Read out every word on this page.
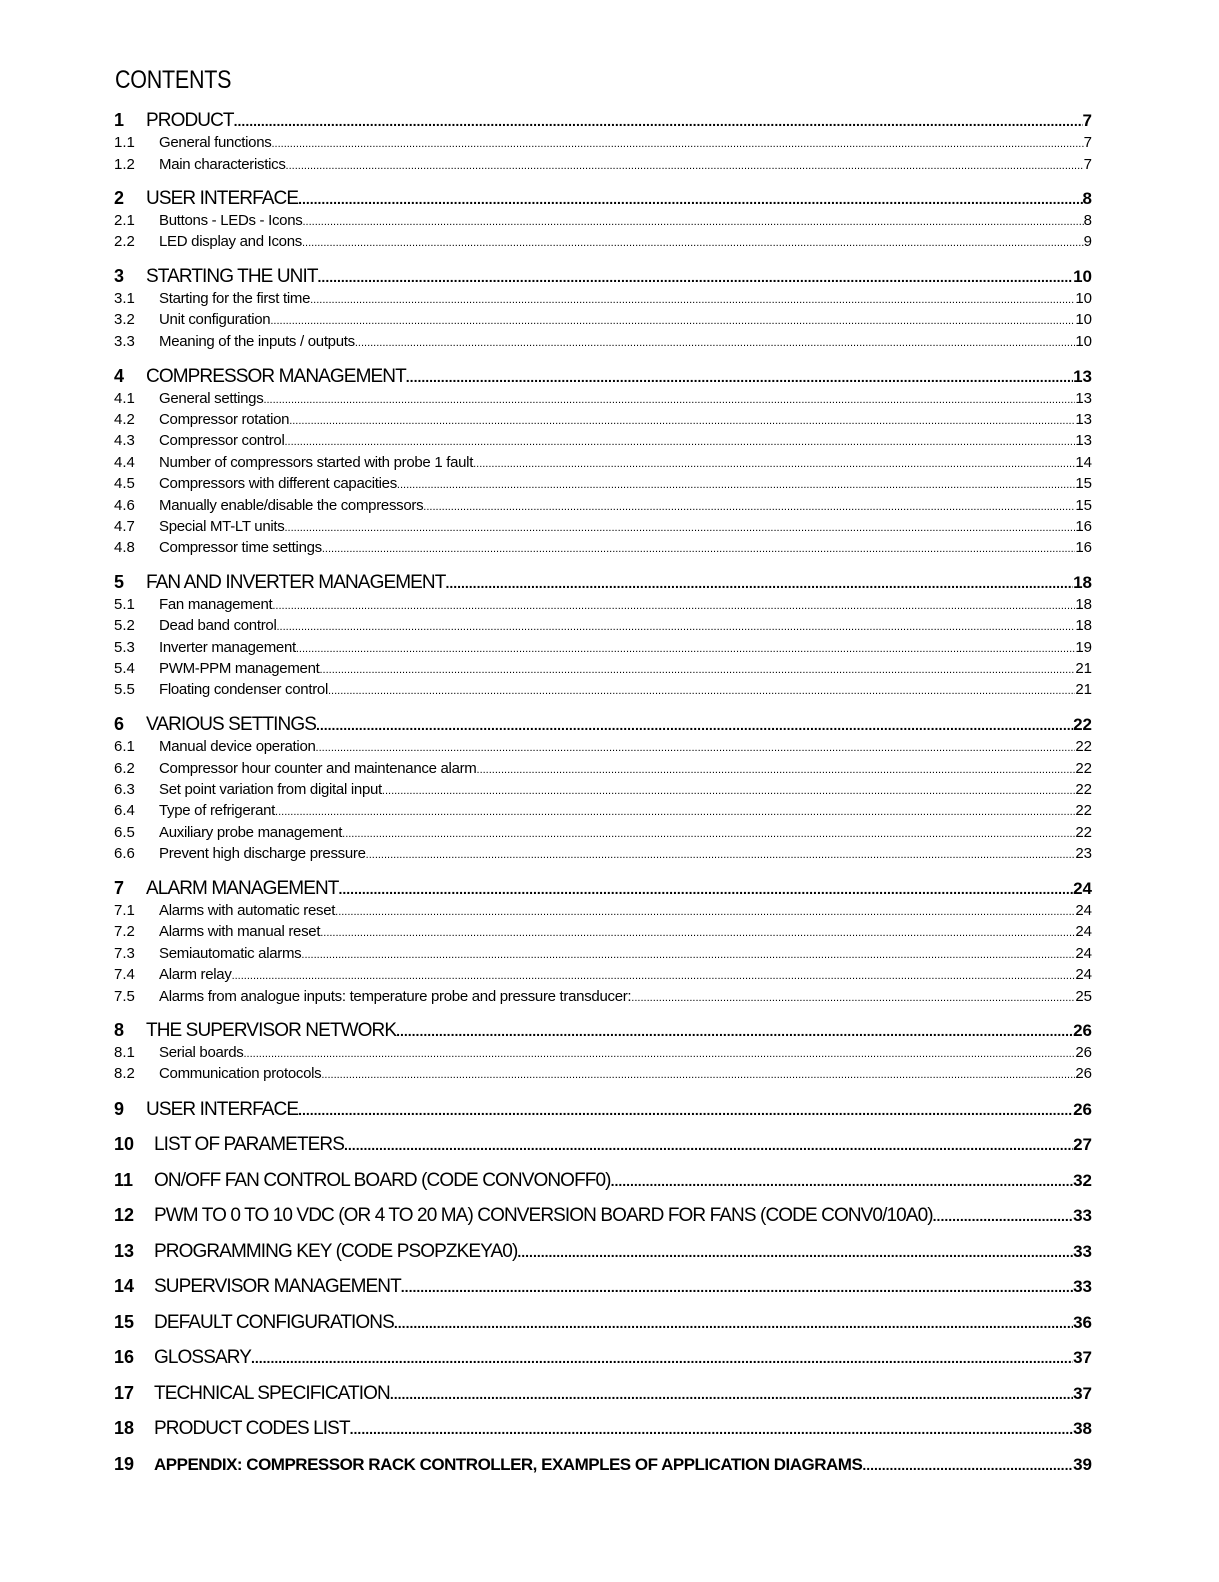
CONTENTS
1	PRODUCT .....	7
1.1	General functions .....	7
1.2	Main characteristics .....	7
2	USER INTERFACE .....	8
2.1	Buttons - LEDs - Icons .....	8
2.2	LED display and Icons .....	9
3	STARTING THE UNIT .....	10
3.1	Starting for the first time .....	10
3.2	Unit configuration .....	10
3.3	Meaning of the inputs / outputs .....	10
4	COMPRESSOR MANAGEMENT .....	13
4.1	General settings .....	13
4.2	Compressor rotation .....	13
4.3	Compressor control .....	13
4.4	Number of compressors started with probe 1 fault .....	14
4.5	Compressors with different capacities .....	15
4.6	Manually enable/disable the compressors .....	15
4.7	Special MT-LT units .....	16
4.8	Compressor time settings .....	16
5	FAN AND INVERTER MANAGEMENT .....	18
5.1	Fan management .....	18
5.2	Dead band control .....	18
5.3	Inverter management .....	19
5.4	PWM-PPM management .....	21
5.5	Floating condenser control .....	21
6	VARIOUS SETTINGS .....	22
6.1	Manual device operation .....	22
6.2	Compressor hour counter and maintenance alarm .....	22
6.3	Set point variation from digital input .....	22
6.4	Type of refrigerant .....	22
6.5	Auxiliary probe management .....	22
6.6	Prevent high discharge pressure .....	23
7	ALARM MANAGEMENT .....	24
7.1	Alarms with automatic reset .....	24
7.2	Alarms with manual reset .....	24
7.3	Semiautomatic alarms .....	24
7.4	Alarm relay .....	24
7.5	Alarms from analogue inputs: temperature probe and pressure transducer: .....	25
8	THE SUPERVISOR NETWORK .....	26
8.1	Serial boards .....	26
8.2	Communication protocols .....	26
9	USER INTERFACE .....	26
10	LIST OF PARAMETERS .....	27
11	ON/OFF FAN CONTROL BOARD (CODE CONVONOFF0) .....	32
12	PWM TO 0 TO 10 VDC (OR 4 TO 20 MA) CONVERSION BOARD FOR FANS (CODE CONV0/10A0) .....	33
13	PROGRAMMING KEY (CODE PSOPZKEYA0) .....	33
14	SUPERVISOR MANAGEMENT .....	33
15	DEFAULT CONFIGURATIONS .....	36
16	GLOSSARY .....	37
17	TECHNICAL SPECIFICATION .....	37
18	PRODUCT CODES LIST .....	38
19	APPENDIX: COMPRESSOR RACK CONTROLLER, EXAMPLES OF APPLICATION DIAGRAMS .....	39
